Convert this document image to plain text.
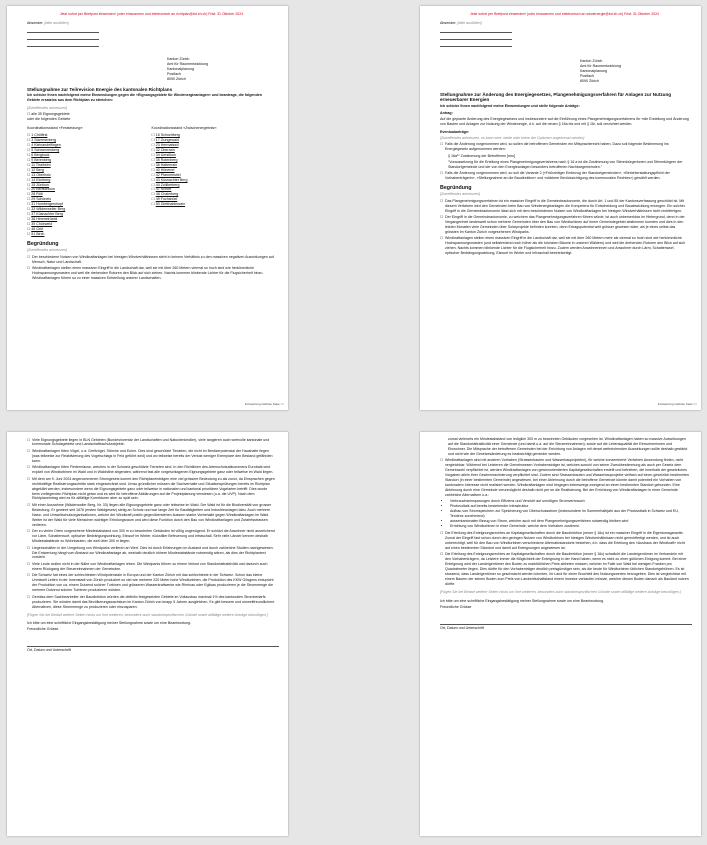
Jetzt sofort per Briefpost einsenden! (oder einscannen und elektronisch an richtplan@bd.zh.ch) Frist: 31.Oktober 2024
Absender: [bitte ausfüllen]
Kanton Zürich
Amt für Raumentwicklung
Kantonalplanung
Postfach
8090 Zürich
Stellungnahme zur Teilrevision Energie des kantonalen Richtplans

Ich schicke Ihnen nachfolgend meine Einwendungen gegen die «Eignungsgebiete für Windenergieanlagen» und beantrage, die folgenden Gebiete ersatzlos aus dem Richtplan zu streichen:

[Zutreffendes ankreuzen]

☐ alle 35 Eignungsgebiete
oder die folgenden Gebiete
Koordinationsstand «Festsetzung»:
☐ 1 Chölfirst
☐ 3 Stammerberg
☐ 4 Kleinandelfingen
☐ 5 Schwerzenberg
☐ 6 Bergbuck
☐ 9 Berenberg
☐ 11 Thalheim
☐ 12 Berg
☐ 13 Oberholz
☐ 14 Eichberg
☐ 15 Zünikon
☐ 20 Bertschikon
☐ 28 Rüti
☐ 29 Schöneis
☐ 31 Hombergerchopf
☐ 33 Wildenweiler Berg
☐ 37 Küsnachter Berg
☐ 38 Himmelrüebli
☐ 39 Chüeweid
☐ 46 Grüt
☐ 51 Birch
Koordinationsstand «Zwischenergebnis»:
☐ 16 Schneitberg
☐ 17 Gungewald
☐ 23 Hermatswil
☐ 32 Oberrain
☐ 34 Uerstikon
☐ 35 Rotenberg
☐ 36 Haltenrain
☐ 40 Hönemrt
☐ 42 Pfannenstiel
☐ 43 Küsnachter Berg
☐ 44 Zollikerberg
☐ 47 Schürr
☐ 48 Chaimberg
☐ 49 Fuchsbüel
☐ 50 Gletthaldenrain
Begründung

[Zutreffendes ankreuzen]

☐ Der beschiedene Nutzen von Windkraftanlagen bei hiesigen Windverhältnissen steht in keinem Verhältnis zu den massiven negativen Auswirkungen auf Mensch, Natur und Landschaft.
☐ Windkraftanlagen stellen einen massiven Eingriff in die Landschaft dar, weil sie mit über 260 Metern viermal so hoch sind wie herkömmliche Hochspannungsmasten und weil die drehenden Rotoren den Blick auf sich ziehen. Nachts kommen blinkende Lichter für die Flugsicherheit hinzu. Windkraftanlagen führen so zu einer massiven Entstellung unserer Landschaften.
Fortsetzung nächste Seite >>
Jetzt sofort per Briefpost einsenden! (oder einscannen und elektronisch an windenergie@bd.zh.ch) Frist: 31.Oktober 2024
Absender: [bitte ausfüllen]
Kanton Zürich
Amt für Raumentwicklung
Kantonalplanung
Postfach
8090 Zürich
Stellungnahme zur Änderung des Energiegesetzes, Plangenehmigungsverfahren für Anlagen zur Nutzung erneuerbarer Energien

Ich schicke Ihnen nachfolgend meine Einwendungen und stelle folgende Anträge:

Antrag:

Auf die geplante Änderung des Energiegesetzes und insbesondere auf die Einführung eines Plangenehmigungsverfahrens für «die Erstellung und Änderung von Bauten und Anlagen zur Nutzung der Windenergie, d.h. auf die neuen § 16a bis und mit § 16i, soll verzichtet werden.

Eventualanträge:

[Zutreffendes ankreuzen, es kann eine, beide oder keine der Optionen angekreuzt werden]

☐ Falls die Änderung vorgenommen wird, so sollen die betroffenen Gemeinden ein Mitspracherecht haben. Dazu soll folgende Bestimmung ins Energiegesetz aufgenommen werden:

§ 16a¹⁰ Zustimmung der Betroffenen [neu]

"Voraussetzung für die Erteilung eines Plangenehmigungsverfahrens nach § 16 a ist die Zustimmung von Stimmbürgerinnen und Stimmbürgern der Standortgemeinde und der von den Energieanlagen besonders betroffenen Nachbargemeinden."

☐ Falls die Änderung vorgenommen wird, so soll die Variante 2 («Frühzeitiger Einbezug der Standortgemeinden», «Berichterstattungspflicht der Vorhabenträgerin», «Stellungnahme an die Baudirektion» und «stärkere Berücksichtigung des kommunalen Rechtes») gewählt werden.
Begründung

[Zutreffendes ankreuzen]

☐ Das Plangenehmigungsverfahren ist ein massiver Eingriff in die Gemeindeautonomie, die durch Art. 1 und 85 der Kantonsverfassung geschützt ist. Mit diesem Verfahren wird den Gemeinden beim Bau von Windenergieanlagen die Kompetenz für Entscheidung und Bauabwicklung entzogen. Ein solcher Eingriff in die Gemeindeautonomie lässt sich mit dem bescheidenen Nutzen von Windkraftanlagen bei hiesigen Windverhältnissen nicht rechtfertigen.
☐ Der Eingriff in die Gemeindeautonomie, zu welchem das Plangenehmigungsverfahren führen würde, ist auch unbemerkbar im Hintergrund, denn in der Vergangenheit landesweit schon mehrere Gemeinden über den Bau von Windturbinen auf ihrem Gemeindegebiet abstimmen konnten und dies in den letzten Monaten viele Gemeinden über Solarprojekte befinden konnten, denn Ertragspotential weit grösser gewesen wäre, als je eines selbst das grössten im Kanton Zürich vorgesehenen Windparks.
☐ Windkraftanlagen stellen einen massiven Eingriff in die Landschaft dar, weil sie mit über 260 Metern mehr als viermal so hoch sind wie herkömmliche Hochspannungsmasten (und selbstredend noch höher als die höchsten Bäume in unseren Wäldern) und weil die drehenden Rotoren den Blick auf sich ziehen. Nachts kommen blinkende Lichter für die Flugsicherheit hinzu. Zudem werden Anwohnerinnen und Anwohner durch Lärm, Schattenwurf, optischer Bedrängungswirkung, Eiswurf im Winter und Infraschall beeinträchtigt.
Fortsetzung nächste Seite >>
☐ Viele Eignungsgebiete liegen in BLN Gebieten (Bundesinventar der Landschaften und Naturdenkmäler), viele tangieren auch wertvolle kantonale und kommunale Schutzgebiete und Landschaftsschutzobjekte.
☐ Windkraftanlagen töten Vögel, u.a. Greifvögel, Störche und Eulen. Dies sind geschützte Tierarten, die nicht im Besitzerpotenzial der Haushalte liegen (was teilweise zur Reaktivierung des Vogelschlags in Feld geführt wird) und wo teilweise bereits der Verlust weniger Exemplare den Bestand gefährden kann.
☐ Windkraftanlagen töten Fledermäuse, welches in der Schweiz geschützte Tierarten sind. In den Richtlinien des Artenschutzabkommens Eurobats wird explizit von Windturbinen im Wald und in Waldnähe abgeraten, während fast alle vorgeschlagenen Eignungsgebiete ganz oder teilweise im Wald liegen.
☐ Mit dem am 9. Juni 2024 angenommenen Stromgesetz kommt den Richtplaneinträgen eine viel grössere Bedeutung zu als zuvor, da Einsprachen gegen rechtkräftige Realisierungsschritte stark eingeschränkt sind. Umso gründlicher müssen die Sachverhalte und Situationsprüfungen bereits im Richtplan abgeklärt werden, insbesondere wenn die Eignungsgebiete ganz oder teilweise in nationalen und kantonal prioritären Vogelarten betrifft. Dies wurde beim vorliegenden Richtplan nicht getan und es wird für betroffene Abklärungen auf die Projektplanung verwiesen (u.a. die UVP). Nach dem Richtplaneintrag wird es für allfällige Korrekturen aber zu spät sein.
☐ Mit einer Ausnahme (Wädenswiler Berg, Nr. 33) liegen alle Eignungsgebiete ganz oder teilweise im Wald. Der Wald ist für die Biodiversität von grosser Bedeutung. Er gewinnt seit 1876 (ersten Waldgesetz) stetig an Schutz und war lange Zeit für Bautätigkeiten und Industrieanlagen tabu. Auch mehrere Natur- und Umweltschutzorganisationen, welche der Windkraft positiv gegenüberstehen äussern starke Vorbehalte gegen Windkraftanlagen im Wald. Weiter ist der Wald für viele Menschen wichtiger Erholungsraum und wird diese Funktion durch den Bau von Windkraftanlagen und Zufahrtsstrassen verlieren.
☐ Der zu vielen Orten vorgesehene Mindestabstand von 300 m zu bewohnten Gebäuden ist völlig ungenügend. Er schützt die Anwohner nicht ausreichend vor Lärm, Schattenwurf, optischer Bedrängungswirkung, Eiswurf im Winter, rückstiller Befeuerung und Infraschall. Sehr viele Länder kennen deshalb Mindestabstände zu Wohnbauten, die weit über 300 m liegen.
☐ Liegenschaften in der Umgebung von Windparks verlieren an Wert. Dies ist durch Erfahrungen im Ausland und durch zahlreiche Studien nachgewiesen. Die Entwertung hängt vom Abstand zur Windkraftanlage ab, weshalb deutlich höhere Mindestabstände notwendig wären, als dies der Richtplantext vorsieht.
☐ Viele Leute wollen nicht in der Nähe von Windkraftanlagen leben. Die Windparks führen zu einem Verlust von Standortattraktivität und dadurch auch einem Rückgang der Steuereinnahmen der Gemeinden.
☐ Die Schweiz hat eines der schlechtesten Windpotenziale in Europa und der Kanton Zürich mit das schlechteste in der Schweiz. Schon das kleine Unmiwelt Letten in der Innenstadt von Zürich produziert so viel wie mehrere 220 Meter hohe Windturbinen, die Produktion des KKW Gösgens entspricht der Produktion von ca. einem Dutzend solcher Turbinen und grösseren Wasserkraftwerke wie Rheinau oder Eglisau produzieren je die Strommenge die mehrere Dutzend solcher Turbinen produzieren würden.
☐ Gemäss dem Sachbearbeiter der Baudirektion würden die definitiv festgesetzten Gebiete im Vollausbau maximal 1% des kantonalen Strombedarfs produzieren. Sie würden damit das Bevölkerungswachstum im Kanton Zürich von knapp 5 Jahren ausgleichen. Es gibt bessere und umweltfreundlichere Alternativen, diese Strommenge zu produzieren oder einzusparen.

[Fügen Sie bei Bedarf weitere Seiten hinzu um ihre weiteren, besonders auch standortspezifischen Gründe sowie allfällige weitere Anträge beizufügen.]

Ich bitte um eine schriftliche Eingangsbestätigung meiner Stellungnahme sowie um eine Beantwortung.

Freundliche Grüsse

Ort, Datum und Unterschrift

zumal vielerorts ein Mindestabstand von lediglich 300 m zu bewohnten Gebäuden vorgesehen ist. Windkraftanlagen haben so massive Auswirkungen auf die Standortattraktivität einer Gemeinde (und damit u.a. auf die Steuereinnahmen), sowie auf die Lebensqualität der Einwohnerinnen und Einwohner. Die Mitsprache der betroffenen Gemeinden bei der Errichtung von Anlagen mit derart weitreichenden Auswirkungen sollte deshalb gestärkt und nicht wie der Gesetzesänderung es beabsichtigt geminder werden.

☐ Windkraftanlagen sind mit anderen Vorhaben (Strassenbauten und Wasserbauprojekten), für welche konzentrierte Verfahren Anwendung finden, nicht vergleichbar. Während bei Letzteren die Gemeinwesen Vorhabensträger ist, welches sowohl von seiner Zweckbestimmung als auch per Gesetz dem Gemeinwohl verpflichtet ist, werden Windkraftanlagen von gewinnorientierten Kapitalgesellschaften erstellt und betrieben, die innerhalb der gesetzlichen Vorgaben allein ihrer Gewinnmaximierung verpflichtet sind. Zudem sind Strassenbauten und Wasserbauprojekte vielfach auf einen gesetzlich bestimmten Standort (in einer bestimmten Gemeinde) angewiesen, bei einer Ablehnung durch die betroffene Gemeinde könnte damit potentiell ein Vorhaben von kantonalem Interesse nicht realisiert werden. Windkraftanlagen sind hingegen keineswegs zwingend an einen bestimmten Standort gebunden. Eine Ablehnung durch eine Gemeinde verunmöglicht deshalb nicht per se die Realisierung. Bei der Errichtung von Windkraftanlagen in einer Gemeinde zahlreiche Alternativen u.a.:
• Verbrauchseinsparungen durch Effizienz und Verzicht auf unnötigen Stromverbrauch
• Photovoltaik auf bereits bestehender Infrastruktur
• Aufbau von Stromspeichern zur Speicherung von Überschussstrom (insbesondere im Sommerhalbjahr aus der Photovoltaik in Schweiz und EU, Tendenz zunehmend)
• ausserkantonalen Bezug von Strom, welcher auch mit dem Plangenehmigungsverfahren notwendig bleiben wird
• Errichtung von Windturbinen in einer Gemeinde, welche dem Vorhaben zustimmt.
☐ Die Erteilung des Enteignungsrechtes an Kapitalgesellschaften durch die Baudirektion (neuer § 16c) ist ein massiver Eingriff in die Eigentumsgarantie. Zumal der Eingriff fast schon durch den geringen Nutzen von Windturbinen bei hiesigen Windverhältnissen nicht gerechtfertigt werden, und ist auch unberechtigt, weil für den Bau von Windturbinen verschiedene Alternativstandorte bestehen, d.h. dass die Erteilung des «Ausbaus der Windkraft» nicht auf einen bestimmten Standort und damit auf Enteignungen angewiesen ist.
☐ Die Erteilung des Enteignungsrechtes an Kapitalgesellschaften durch die Baudirektion (neuer § 16c) schwächt die Landeigentümer im Verhandeln mit den Vorhabenträgern, da Letztere immer die Möglichkeit der Enteignung in der Hand haben, wenn es nicht zu einer gütlichen Einigung kommt. Bei einer Enteignung wird der Landeigentümer den Boden zu marktüblichen Preis abtreten müssen, welcher im Falle von Wald bei wenigen Franken pro Quadratmeter liegen. Dies dürfte für den Vorhabenträger deutlich preisgünstiger sein, als die heute für Windturbinen üblichen Standortgebühren. Es ist stossend, dass Landeigentümer so geschwächt werden könnten, ihr Land für einen Bruchteil des Nutzungswertes herzugeben. Dies ist vergleichbar mit einem Bauern der seinen Boden zum Preis von Landwirtschaftsland einem Investor verkaufen müsste, welcher diesen Boden danach als Bauland nutzen dürfte.

[Fügen Sie bei Bedarf weitere Seiten hinzu um ihre weiteren, besonders auch standortspezifischen Gründe sowie allfällige weitere Anträge beizufügen.]

Ich bitte um eine schriftliche Eingangsbestätigung meiner Stellungnahme sowie um eine Beantwortung.

Freundliche Grüsse

Ort, Datum und Unterschrift
